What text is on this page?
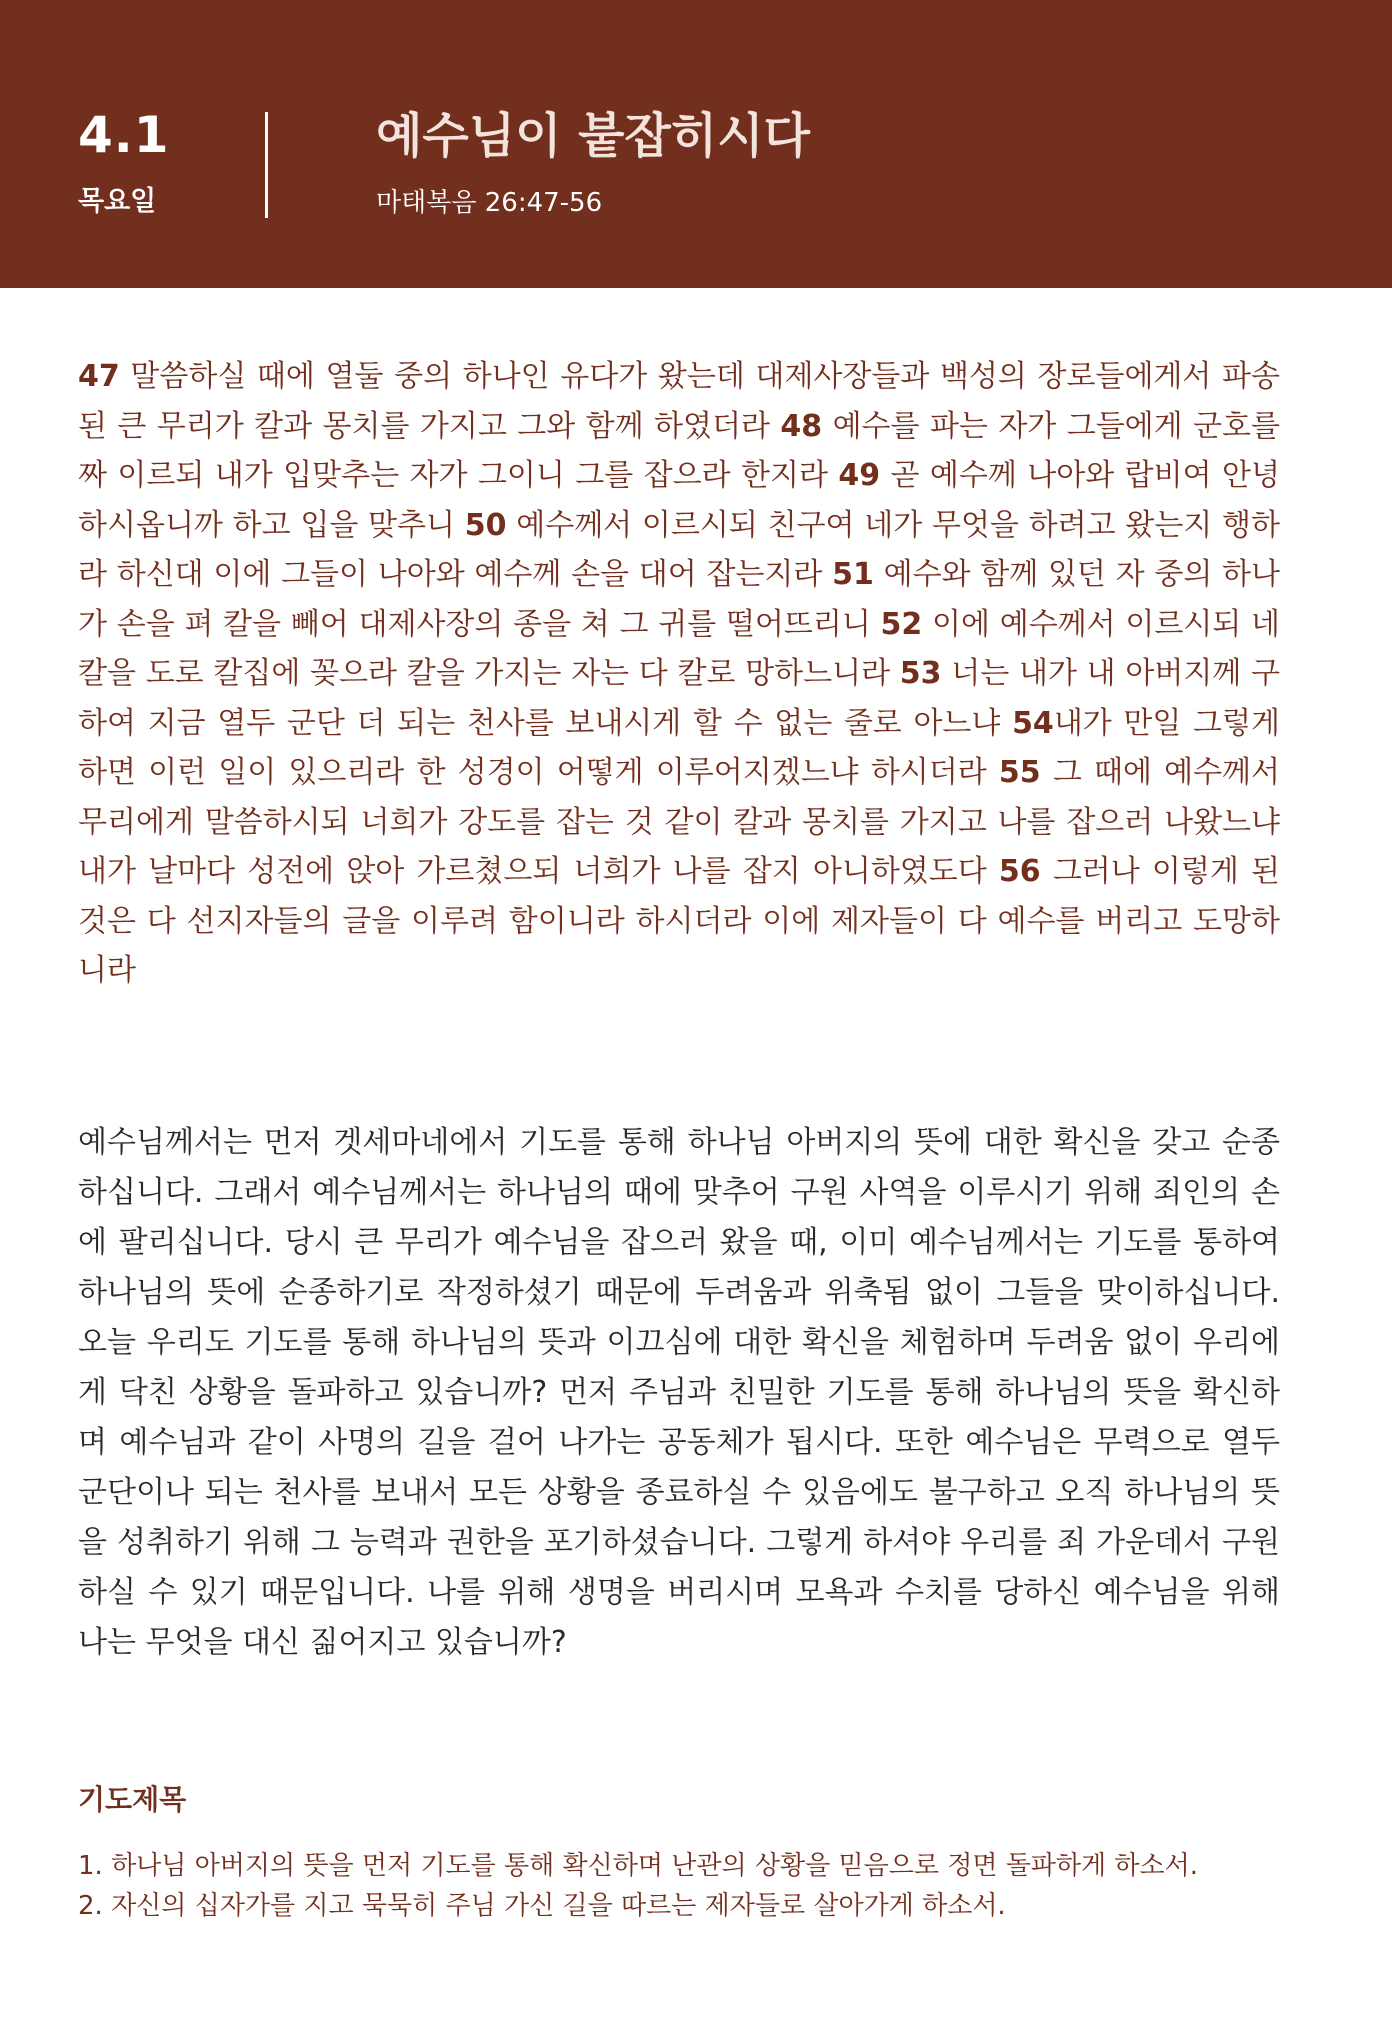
4.1
목요일
예수님이 붙잡히시다
마태복음 26:47-56

47 말씀하실 때에 열둘 중의 하나인 유다가 왔는데 대제사장들과 백성의 장로들에게서 파송된 큰 무리가 칼과 몽치를 가지고 그와 함께 하였더라 48 예수를 파는 자가 그들에게 군호를 짜 이르되 내가 입맞추는 자가 그이니 그를 잡으라 한지라 49 곧 예수께 나아와 랍비여 안녕하시옵니까 하고 입을 맞추니 50 예수께서 이르시되 친구여 네가 무엇을 하려고 왔는지 행하라 하신대 이에 그들이 나아와 예수께 손을 대어 잡는지라 51 예수와 함께 있던 자 중의 하나가 손을 펴 칼을 빼어 대제사장의 종을 쳐 그 귀를 떨어뜨리니 52 이에 예수께서 이르시되 네 칼을 도로 칼집에 꽂으라 칼을 가지는 자는 다 칼로 망하느니라 53 너는 내가 내 아버지께 구하여 지금 열두 군단 더 되는 천사를 보내시게 할 수 없는 줄로 아느냐 54내가 만일 그렇게 하면 이런 일이 있으리라 한 성경이 어떻게 이루어지겠느냐 하시더라 55 그 때에 예수께서 무리에게 말씀하시되 너희가 강도를 잡는 것 같이 칼과 몽치를 가지고 나를 잡으러 나왔느냐 내가 날마다 성전에 앉아 가르쳤으되 너희가 나를 잡지 아니하였도다 56 그러나 이렇게 된 것은 다 선지자들의 글을 이루려 함이니라 하시더라 이에 제자들이 다 예수를 버리고 도망하니라

예수님께서는 먼저 겟세마네에서 기도를 통해 하나님 아버지의 뜻에 대한 확신을 갖고 순종하십니다. 그래서 예수님께서는 하나님의 때에 맞추어 구원 사역을 이루시기 위해 죄인의 손에 팔리십니다. 당시 큰 무리가 예수님을 잡으러 왔을 때, 이미 예수님께서는 기도를 통하여 하나님의 뜻에 순종하기로 작정하셨기 때문에 두려움과 위축됨 없이 그들을 맞이하십니다. 오늘 우리도 기도를 통해 하나님의 뜻과 이끄심에 대한 확신을 체험하며 두려움 없이 우리에게 닥친 상황을 돌파하고 있습니까? 먼저 주님과 친밀한 기도를 통해 하나님의 뜻을 확신하며 예수님과 같이 사명의 길을 걸어 나가는 공동체가 됩시다. 또한 예수님은 무력으로 열두 군단이나 되는 천사를 보내서 모든 상황을 종료하실 수 있음에도 불구하고 오직 하나님의 뜻을 성취하기 위해 그 능력과 권한을 포기하셨습니다. 그렇게 하셔야 우리를 죄 가운데서 구원하실 수 있기 때문입니다. 나를 위해 생명을 버리시며 모욕과 수치를 당하신 예수님을 위해 나는 무엇을 대신 짊어지고 있습니까?

기도제목
1. 하나님 아버지의 뜻을 먼저 기도를 통해 확신하며 난관의 상황을 믿음으로 정면 돌파하게 하소서.
2. 자신의 십자가를 지고 묵묵히 주님 가신 길을 따르는 제자들로 살아가게 하소서.
